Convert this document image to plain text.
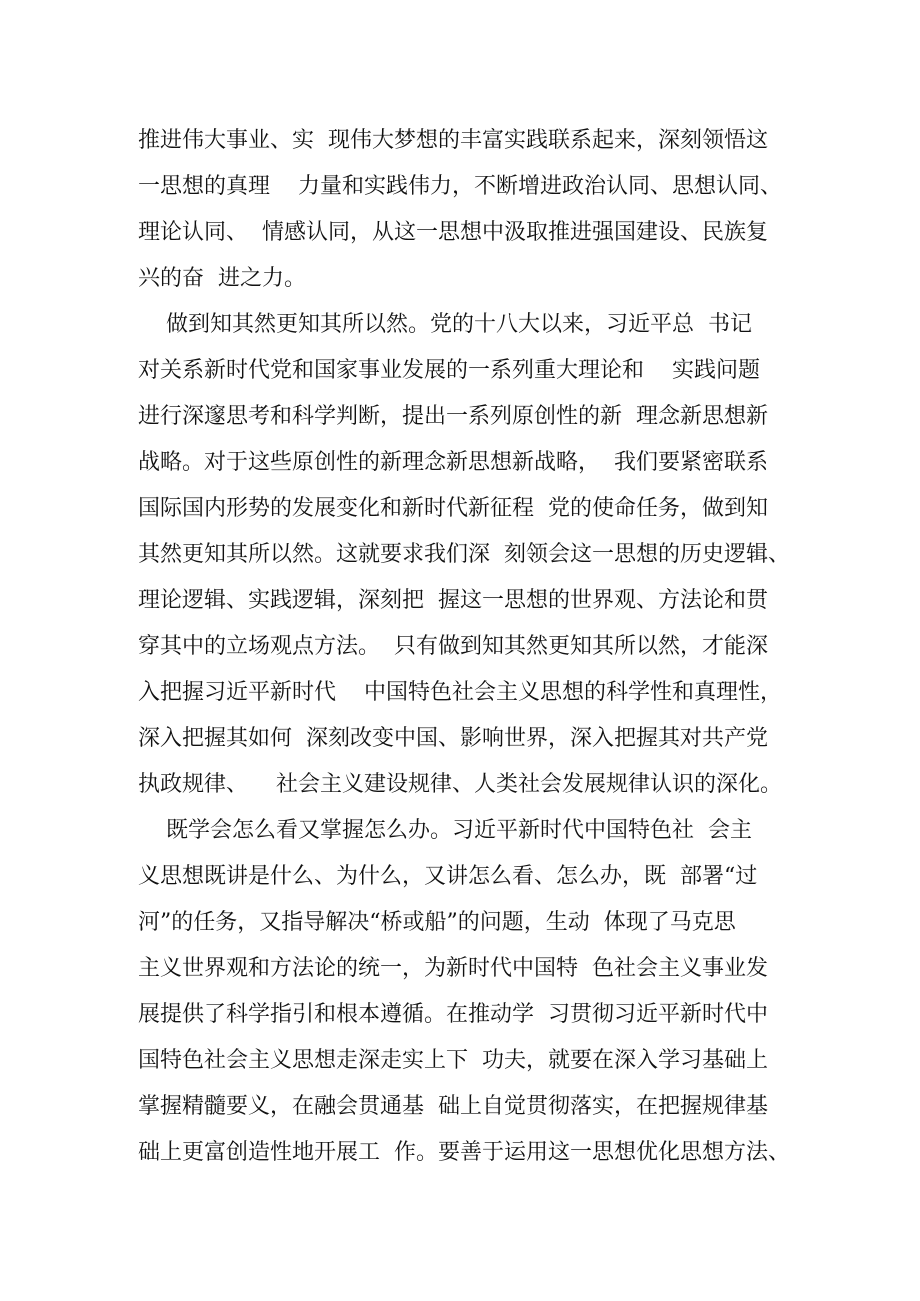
推进伟大事业、实  现伟大梦想的丰富实践联系起来，深刻领悟这
一思想的真理    力量和实践伟力，不断增进政治认同、思想认同、
理论认同、  情感认同，从这一思想中汲取推进强国建设、民族复
兴的奋  进之力。
做到知其然更知其所以然。党的十八大以来，习近平总  书记
对关系新时代党和国家事业发展的一系列重大理论和    实践问题
进行深邃思考和科学判断，提出一系列原创性的新  理念新思想新
战略。对于这些原创性的新理念新思想新战略，  我们要紧密联系
国际国内形势的发展变化和新时代新征程  党的使命任务，做到知
其然更知其所以然。这就要求我们深  刻领会这一思想的历史逻辑、
理论逻辑、实践逻辑，深刻把  握这一思想的世界观、方法论和贯
穿其中的立场观点方法。  只有做到知其然更知其所以然，才能深
入把握习近平新时代    中国特色社会主义思想的科学性和真理性，
深入把握其如何  深刻改变中国、影响世界，深入把握其对共产党
执政规律、    社会主义建设规律、人类社会发展规律认识的深化。
既学会怎么看又掌握怎么办。习近平新时代中国特色社  会主
义思想既讲是什么、为什么，又讲怎么看、怎么办，既  部署“过
河”的任务，又指导解决“桥或船”的问题，生动  体现了马克思
主义世界观和方法论的统一，为新时代中国特  色社会主义事业发
展提供了科学指引和根本遵循。在推动学  习贯彻习近平新时代中
国特色社会主义思想走深走实上下  功夫，就要在深入学习基础上
掌握精髓要义，在融会贯通基  础上自觉贯彻落实，在把握规律基
础上更富创造性地开展工  作。要善于运用这一思想优化思想方法、
